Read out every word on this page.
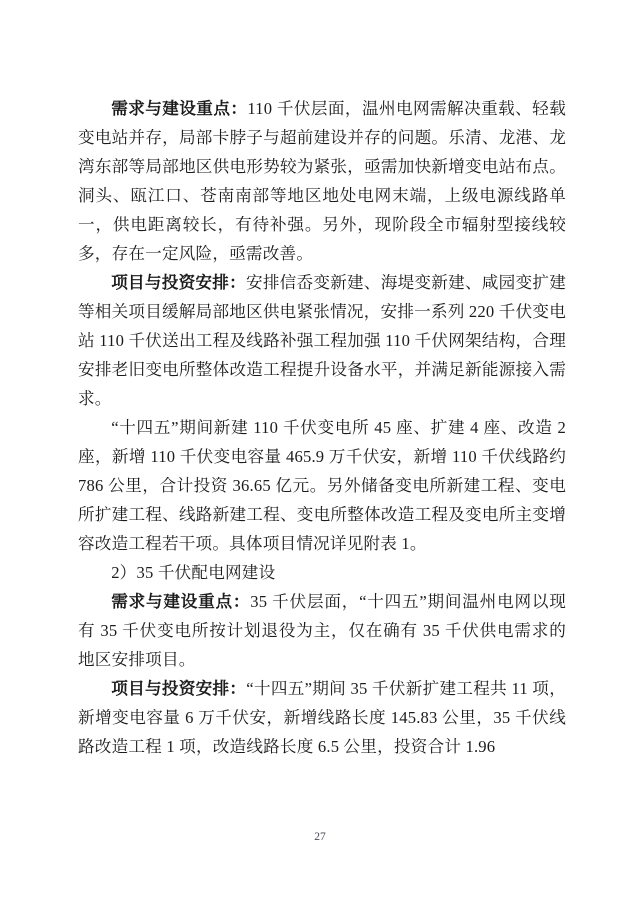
需求与建设重点：110 千伏层面，温州电网需解决重载、轻载变电站并存，局部卡脖子与超前建设并存的问题。乐清、龙港、龙湾东部等局部地区供电形势较为紧张，亟需加快新增变电站布点。洞头、瓯江口、苍南南部等地区地处电网末端，上级电源线路单一，供电距离较长，有待补强。另外，现阶段全市辐射型接线较多，存在一定风险，亟需改善。

项目与投资安排：安排信岙变新建、海堤变新建、咸园变扩建等相关项目缓解局部地区供电紧张情况，安排一系列 220 千伏变电站 110 千伏送出工程及线路补强工程加强 110 千伏网架结构，合理安排老旧变电所整体改造工程提升设备水平，并满足新能源接入需求。

“十四五”期间新建 110 千伏变电所 45 座、扩建 4 座、改造 2 座，新增 110 千伏变电容量 465.9 万千伏安，新增 110 千伏线路约 786 公里，合计投资 36.65 亿元。另外储备变电所新建工程、变电所扩建工程、线路新建工程、变电所整体改造工程及变电所主变增容改造工程若干项。具体项目情况详见附表 1。

2）35 千伏配电网建设

需求与建设重点：35 千伏层面，“十四五”期间温州电网以现有 35 千伏变电所按计划退役为主，仅在确有 35 千伏供电需求的地区安排项目。

项目与投资安排：“十四五”期间 35 千伏新扩建工程共 11 项，新增变电容量 6 万千伏安，新增线路长度 145.83 公里，35 千伏线路改造工程 1 项，改造线路长度 6.5 公里，投资合计 1.96

27
